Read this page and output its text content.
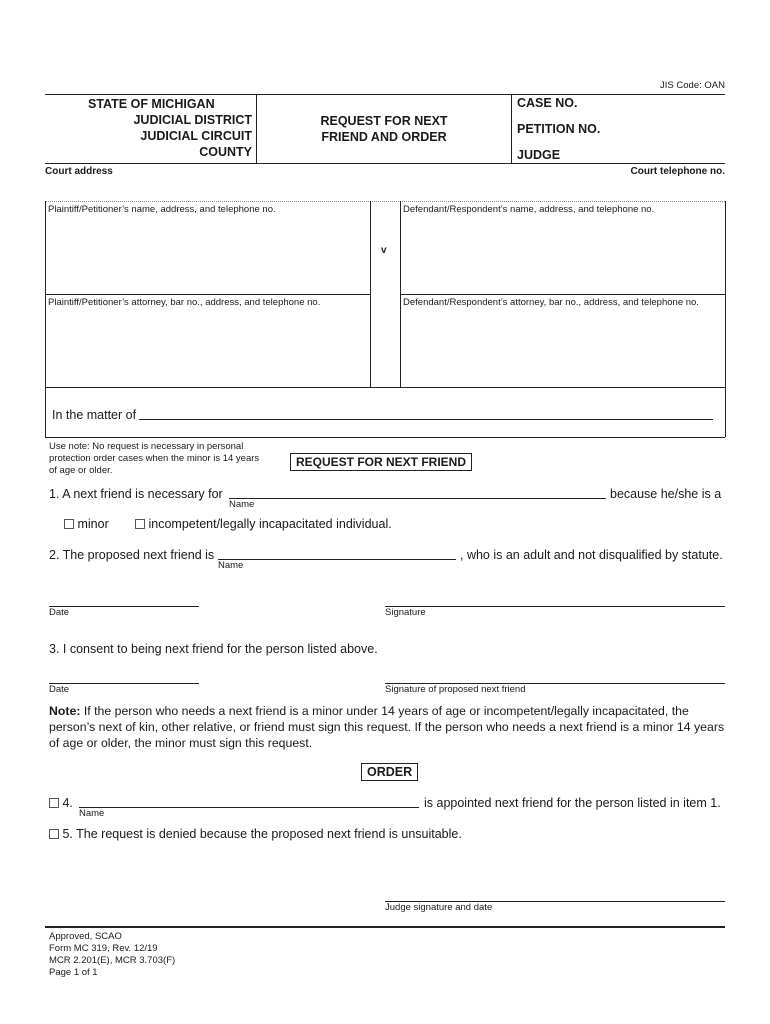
JIS Code: OAN
STATE OF MICHIGAN
JUDICIAL DISTRICT
JUDICIAL CIRCUIT
COUNTY
REQUEST FOR NEXT
FRIEND AND ORDER
CASE NO.
PETITION NO.
JUDGE
Court address	Court telephone no.
Plaintiff/Petitioner’s name, address, and telephone no.	Defendant/Respondent’s name, address, and telephone no.
v
Plaintiff/Petitioner’s attorney, bar no., address, and telephone no.	Defendant/Respondent’s attorney, bar no., address, and telephone no.
In the matter of
Use note: No request is necessary in personal
protection order cases when the minor is 14 years
of age or older.
REQUEST FOR NEXT FRIEND
1. A next friend is necessary for
Name
because he/she is a
minor	incompetent/legally incapacitated individual.
2. The proposed next friend is
Name
, who is an adult and not disqualified by statute.
Date	Signature
3. I consent to being next friend for the person listed above.
Date	Signature of proposed next friend
Note: If the person who needs a next friend is a minor under 14 years of age or incompetent/legally incapacitated, the
person’s next of kin, other relative, or friend must sign this request. If the person who needs a next friend is a minor 14 years
of age or older, the minor must sign this request.
ORDER
4.
Name
is appointed next friend for the person listed in item 1.
5. The request is denied because the proposed next friend is unsuitable.
Judge signature and date
Approved, SCAO
Form MC 319, Rev. 12/19
MCR 2.201(E), MCR 3.703(F)
Page 1 of 1
